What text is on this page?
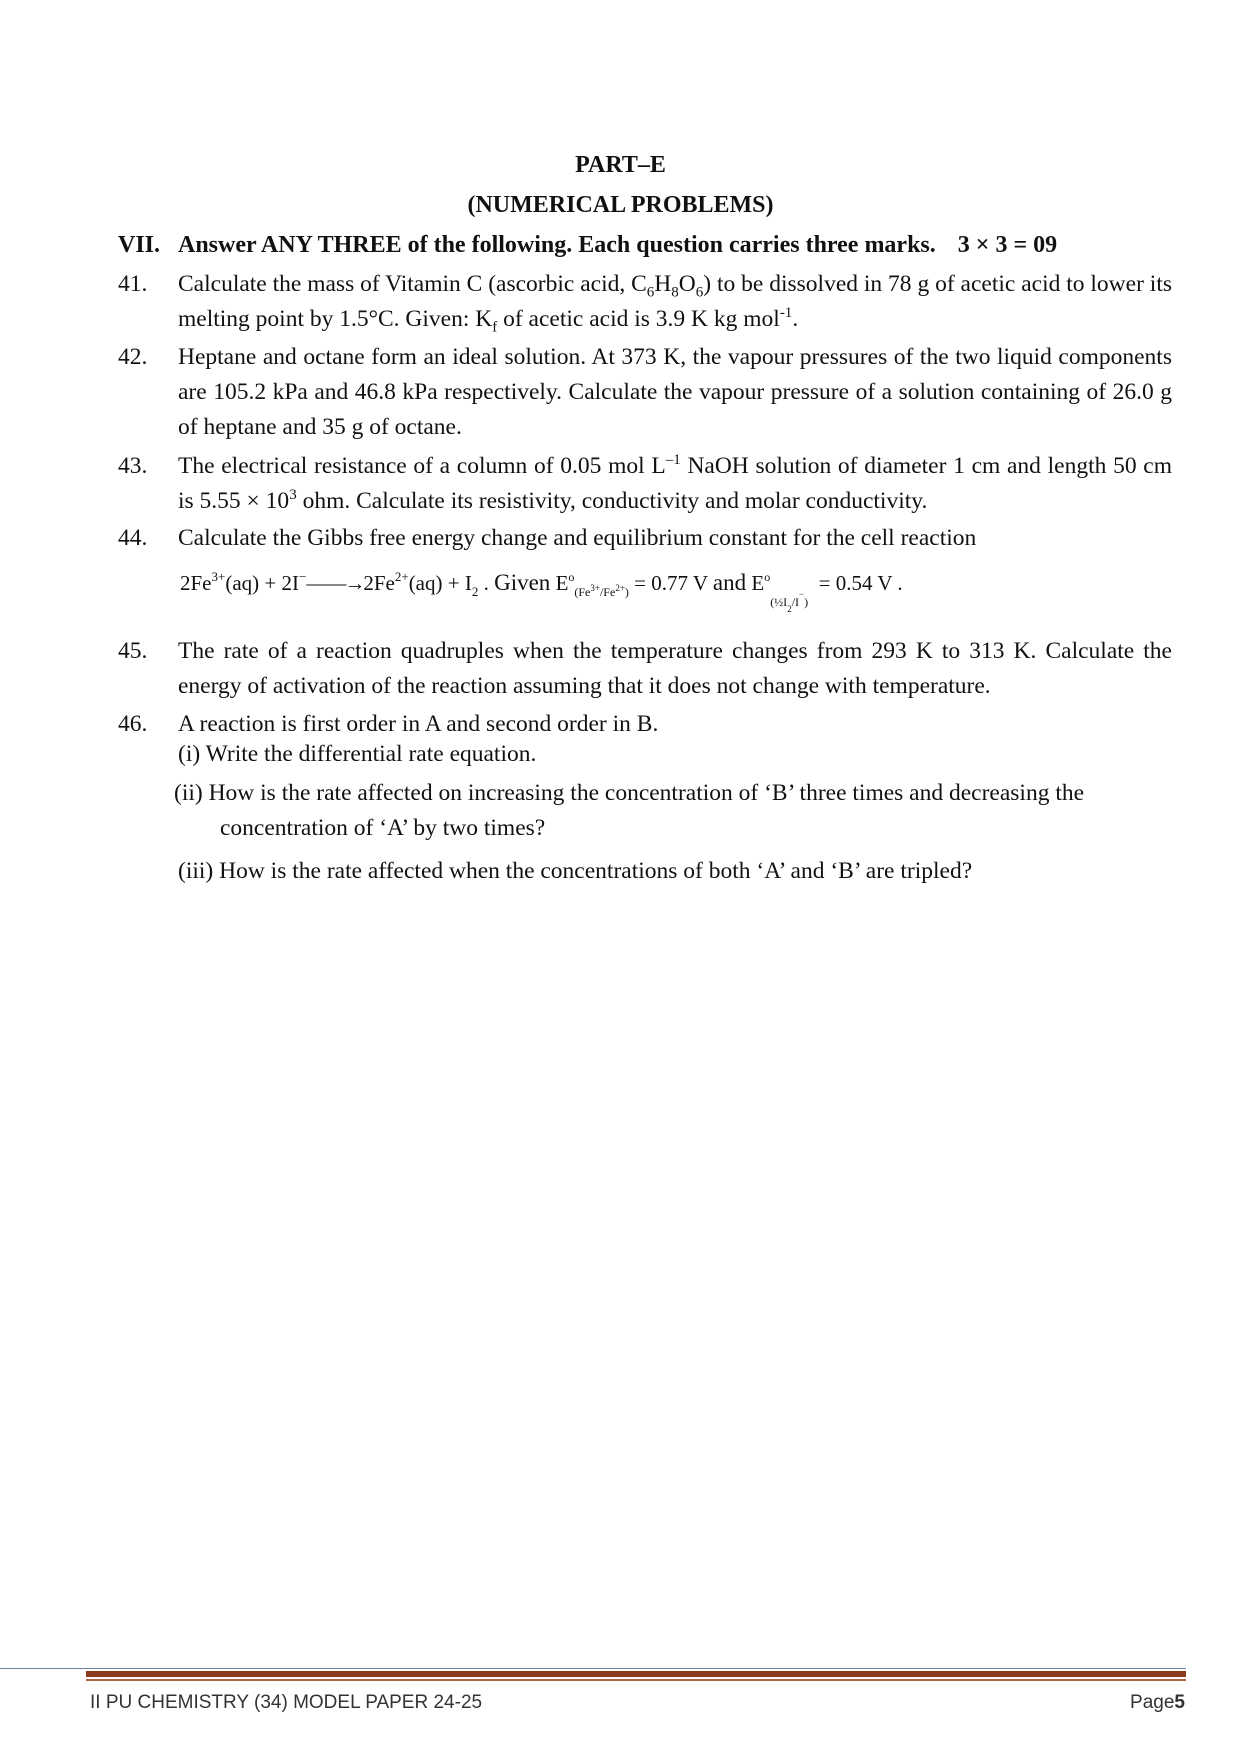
PART–E
(NUMERICAL PROBLEMS)
VII. Answer ANY THREE of the following. Each question carries three marks. 3 × 3 = 09
41.	Calculate the mass of Vitamin C (ascorbic acid, $C_6H_8O_6$) to be dissolved in 78 g of acetic acid to lower its melting point by 1.5°C. Given: $K_f$ of acetic acid is 3.9 K kg mol$^{-1}$.
42.	Heptane and octane form an ideal solution. At 373 K, the vapour pressures of the two liquid components are 105.2 kPa and 46.8 kPa respectively. Calculate the vapour pressure of a solution containing of 26.0 g of heptane and 35 g of octane.
43.	The electrical resistance of a column of 0.05 mol $L^{-1}$ NaOH solution of diameter 1 cm and length 50 cm is $5.55 \times 10^3$ ohm. Calculate its resistivity, conductivity and molar conductivity.
44.	Calculate the Gibbs free energy change and equilibrium constant for the cell reaction
$2Fe^{3+}(aq)$ + $2I^-——\to 2Fe^{2+}(aq) + I_2$ . Given $E^o_{(Fe^{3+}/Fe^{2+})} = 0.77$ V and $E^o_{(\frac{1}{2}I_2/I^-)} = 0.54$ V .
45.	The rate of a reaction quadruples when the temperature changes from 293 K to 313 K. Calculate the energy of activation of the reaction assuming that it does not change with temperature.
46.	A reaction is first order in A and second order in B.
(i) Write the differential rate equation.
(ii) How is the rate affected on increasing the concentration of ‘B’ three times and decreasing the
concentration of ‘A’ by two times?
(iii) How is the rate affected when the concentrations of both ‘A’ and ‘B’ are tripled?
II PU CHEMISTRY (34) MODEL PAPER 24-25	Page5
